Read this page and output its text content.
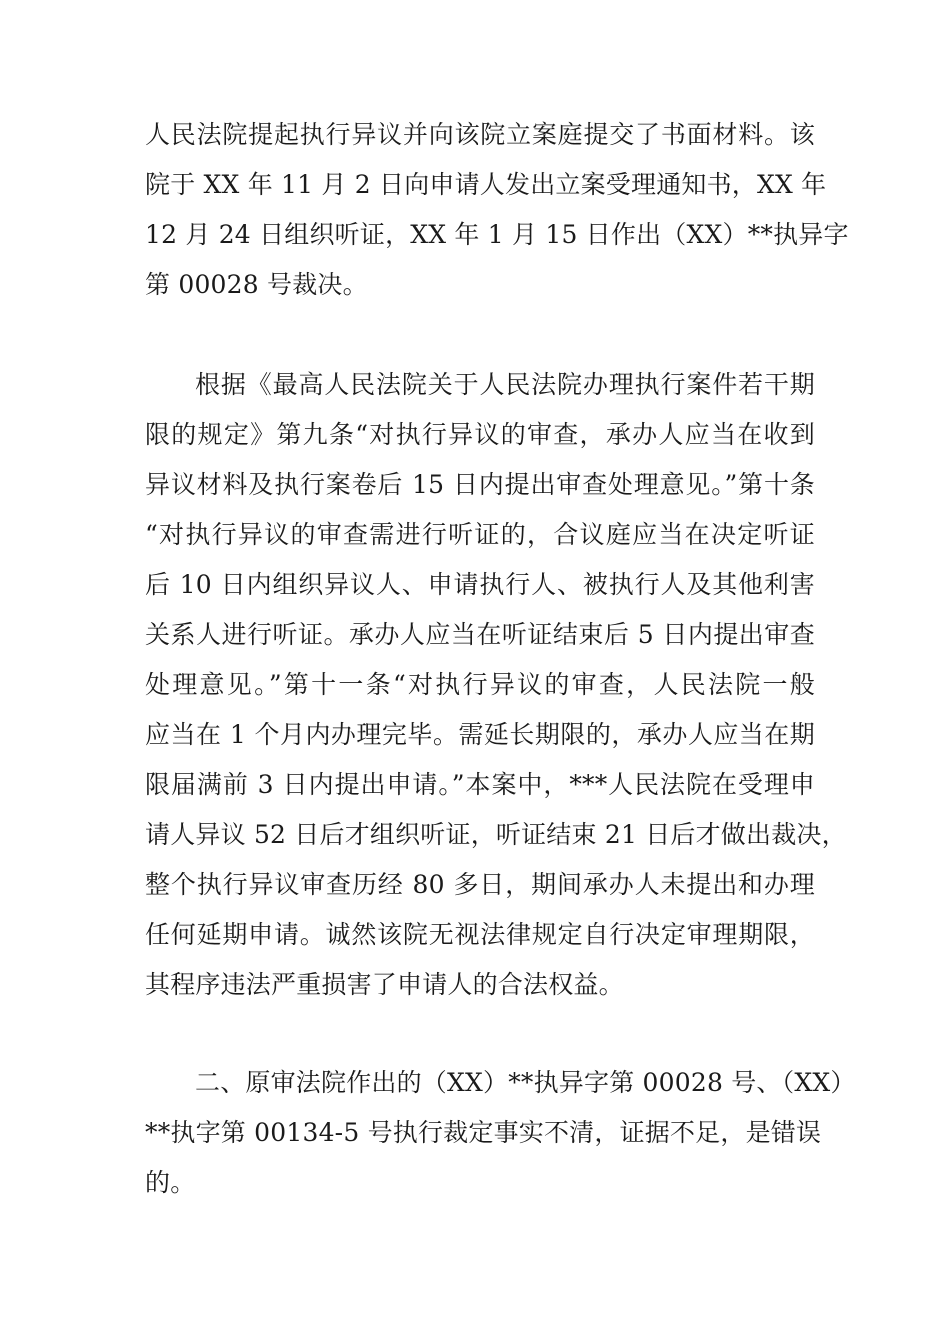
人民法院提起执行异议并向该院立案庭提交了书面材料。该
院于 XX 年 11 月 2 日向申请人发出立案受理通知书，XX 年
12 月 24 日组织听证，XX 年 1 月 15 日作出（XX）**执异字
第 00028 号裁决。
根据《最高人民法院关于人民法院办理执行案件若干期
限的规定》第九条“对执行异议的审查，承办人应当在收到
异议材料及执行案卷后 15 日内提出审查处理意见。”第十条
“对执行异议的审查需进行听证的，合议庭应当在决定听证
后 10 日内组织异议人、申请执行人、被执行人及其他利害
关系人进行听证。承办人应当在听证结束后 5 日内提出审查
处理意见。”第十一条“对执行异议的审查，人民法院一般
应当在 1 个月内办理完毕。需延长期限的，承办人应当在期
限届满前 3 日内提出申请。”本案中，***人民法院在受理申
请人异议 52 日后才组织听证，听证结束 21 日后才做出裁决，
整个执行异议审查历经 80 多日，期间承办人未提出和办理
任何延期申请。诚然该院无视法律规定自行决定审理期限，
其程序违法严重损害了申请人的合法权益。
二、原审法院作出的（XX）**执异字第 00028 号、（XX）
**执字第 00134-5 号执行裁定事实不清，证据不足，是错误
的。
